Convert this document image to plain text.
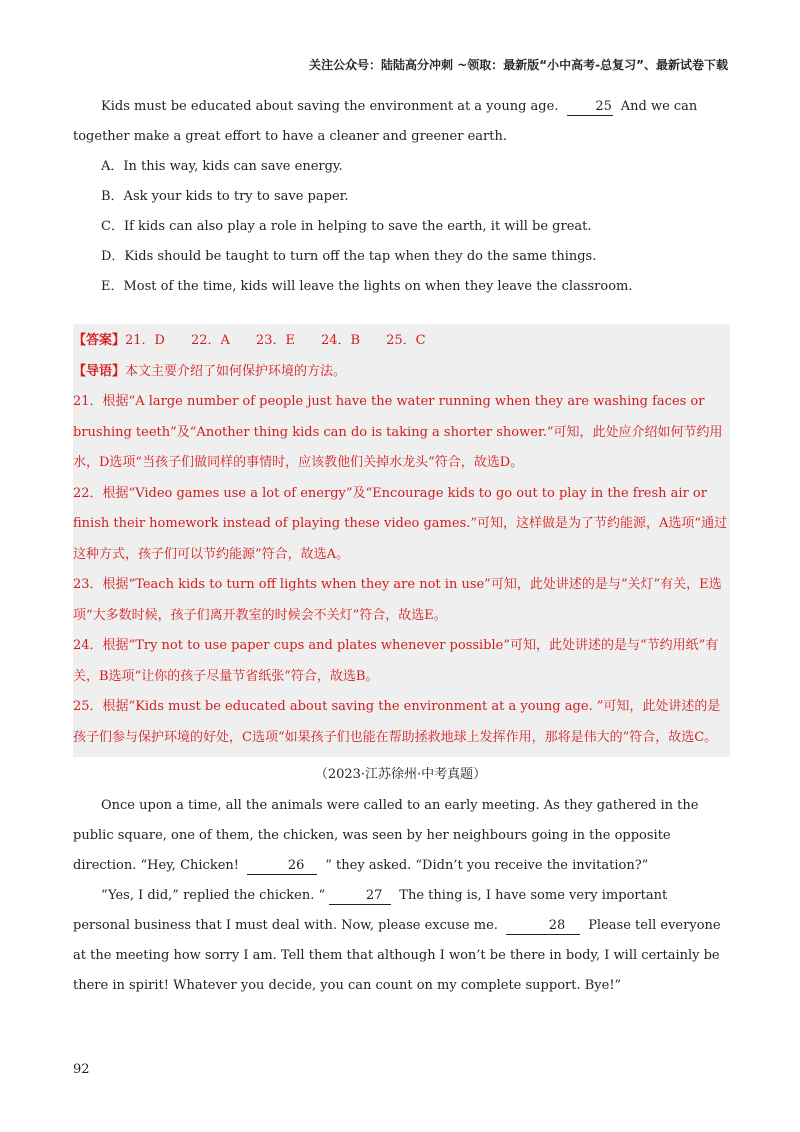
关注公众号：陆陆高分冲刺 ~领取：最新版“小中高考-总复习”、最新试卷下载

Kids must be educated about saving the environment at a young age.	25 And we can together make a great effort to have a cleaner and greener earth.

A．In this way, kids can save energy.

B．Ask your kids to try to save paper.

C．If kids can also play a role in helping to save the earth, it will be great.

D．Kids should be taught to turn off the tap when they do the same things.

E．Most of the time, kids will leave the lights on when they leave the classroom.

【答案】21．D 22．A 23．E 24．B 25．C

【导语】本文主要介绍了如何保护环境的方法。

21．根据“A large number of people just have the water running when they are washing faces or brushing teeth”及“Another thing kids can do is taking a shorter shower.”可知，此处应介绍如何节约用水，D选项“当孩子们做同样的事情时，应该教他们关掉水龙头”符合，故选D。

22．根据“Video games use a lot of energy”及“Encourage kids to go out to play in the fresh air or finish their homework instead of playing these video games.”可知，这样做是为了节约能源，A选项“通过这种方式，孩子们可以节约能源”符合，故选A。

23．根据“Teach kids to turn off lights when they are not in use”可知，此处讲述的是与“关灯”有关，E选项“大多数时候，孩子们离开教室的时候会不关灯”符合，故选E。

24．根据“Try not to use paper cups and plates whenever possible”可知，此处讲述的是与“节约用纸”有关，B选项“让你的孩子尽量节省纸张”符合，故选B。

25．根据“Kids must be educated about saving the environment at a young age. ”可知，此处讲述的是孩子们参与保护环境的好处，C选项“如果孩子们也能在帮助拯救地球上发挥作用，那将是伟大的”符合，故选C。

（2023·江苏徐州·中考真题）

Once upon a time, all the animals were called to an early meeting. As they gathered in the public square, one of them, the chicken, was seen by her neighbours going in the opposite direction. “Hey, Chicken!	26 ” they asked. “Didn’t you receive the invitation?”

“Yes, I did,” replied the chicken. “	27 The thing is, I have some very important personal business that I must deal with. Now, please excuse me.	28 Please tell everyone at the meeting how sorry I am. Tell them that although I won’t be there in body, I will certainly be there in spirit! Whatever you decide, you can count on my complete support. Bye!”

92
